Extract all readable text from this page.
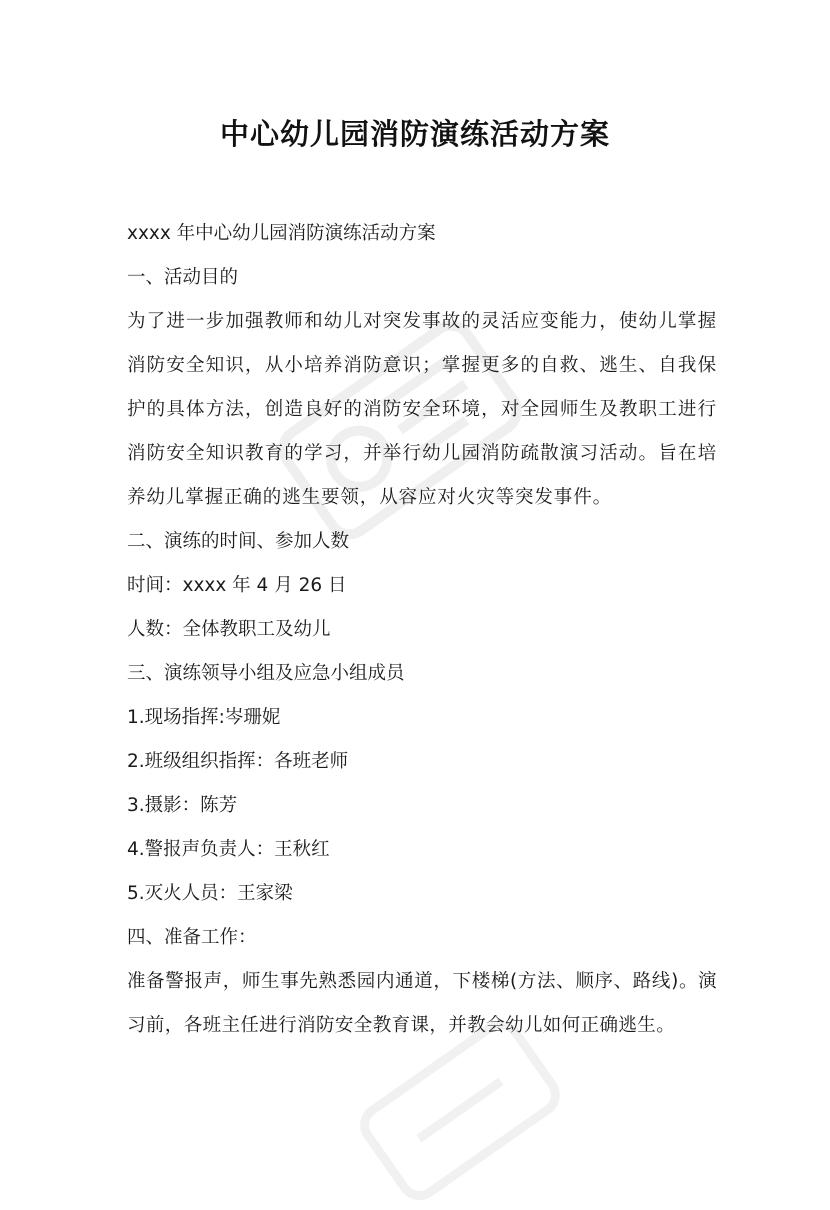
中心幼儿园消防演练活动方案

xxxx 年中心幼儿园消防演练活动方案

一、活动目的

为了进一步加强教师和幼儿对突发事故的灵活应变能力，使幼儿掌握消防安全知识，从小培养消防意识；掌握更多的自救、逃生、自我保护的具体方法，创造良好的消防安全环境，对全园师生及教职工进行消防安全知识教育的学习，并举行幼儿园消防疏散演习活动。旨在培养幼儿掌握正确的逃生要领，从容应对火灾等突发事件。

二、演练的时间、参加人数

时间：xxxx 年 4 月 26 日

人数：全体教职工及幼儿

三、演练领导小组及应急小组成员

1.现场指挥:岑珊妮

2.班级组织指挥：各班老师

3.摄影：陈芳

4.警报声负责人：王秋红

5.灭火人员：王家梁

四、准备工作：

准备警报声，师生事先熟悉园内通道，下楼梯(方法、顺序、路线)。演习前，各班主任进行消防安全教育课，并教会幼儿如何正确逃生。
